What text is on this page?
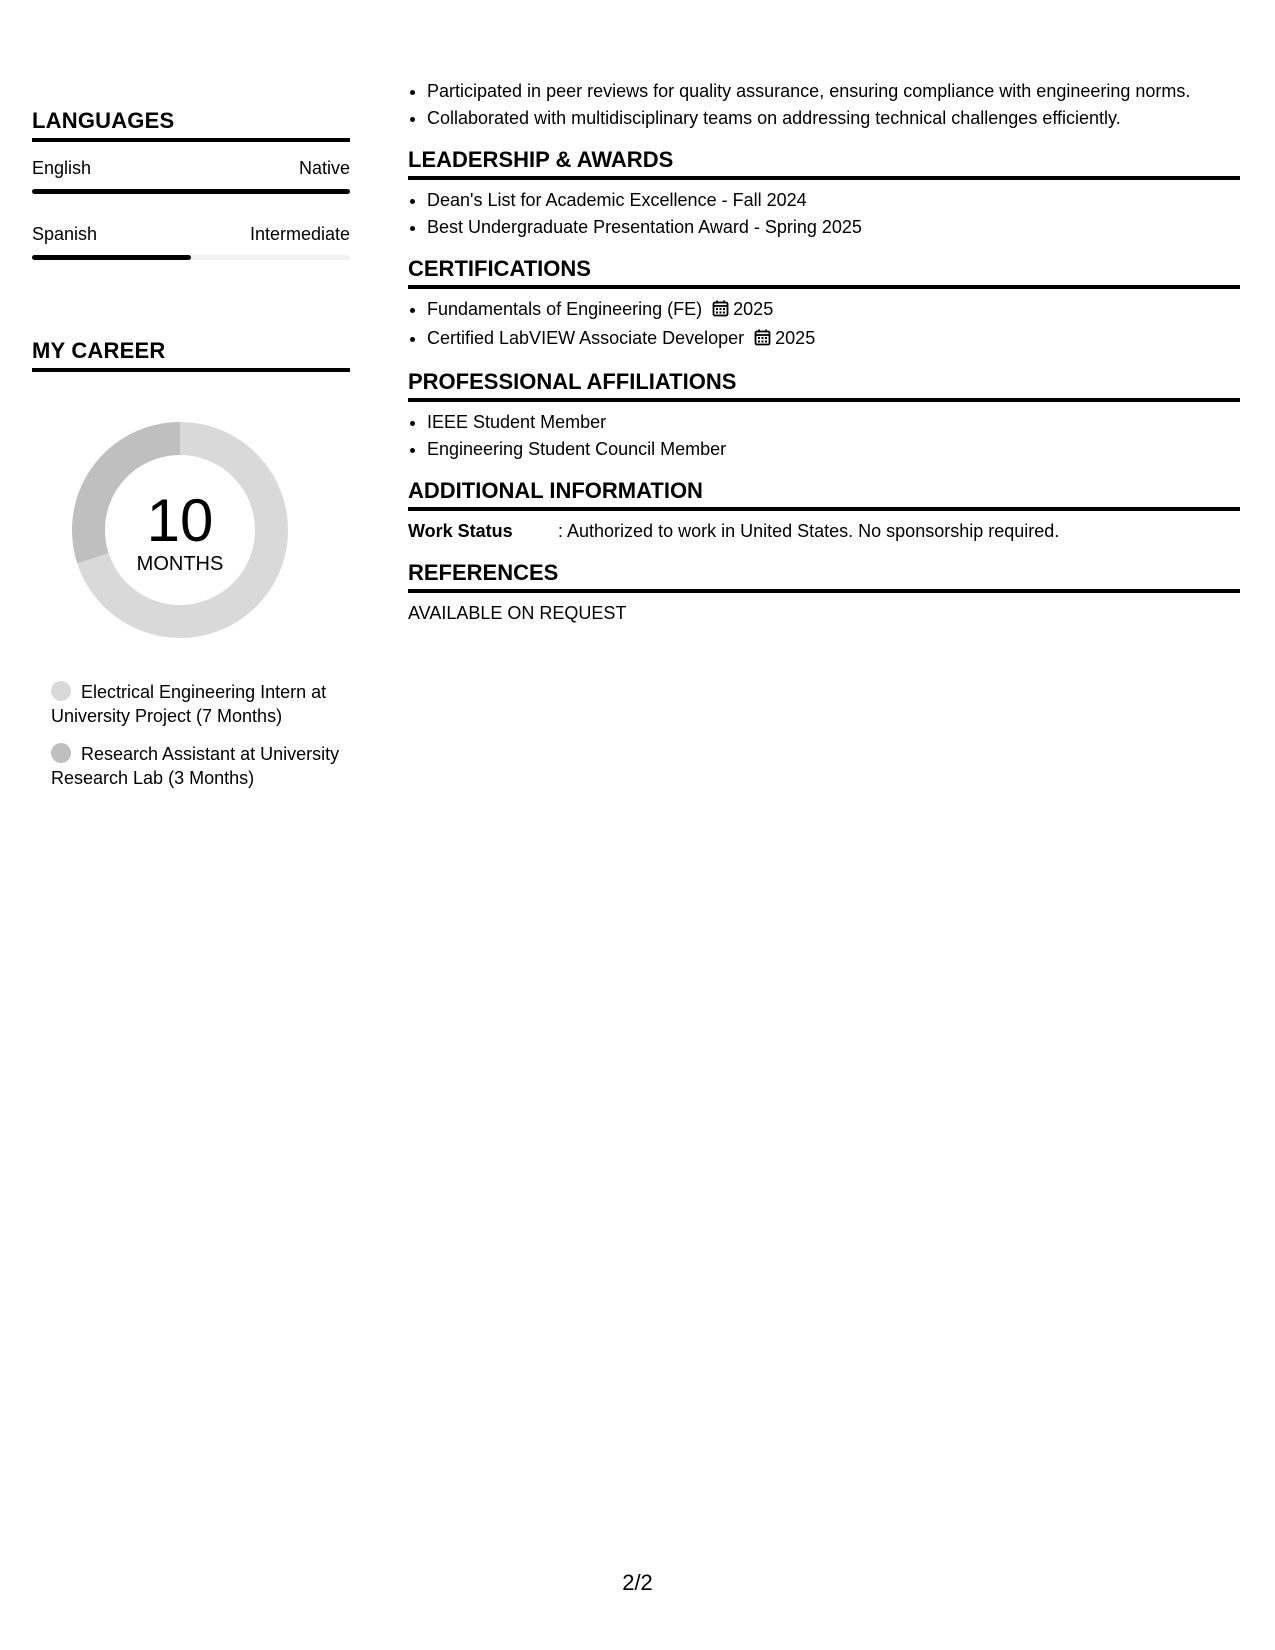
LANGUAGES
English	Native
Spanish	Intermediate
MY CAREER
10
MONTHS
Electrical Engineering Intern at University Project (7 Months)
Research Assistant at University Research Lab (3 Months)
• Participated in peer reviews for quality assurance, ensuring compliance with engineering norms.
• Collaborated with multidisciplinary teams on addressing technical challenges efficiently.
LEADERSHIP & AWARDS
• Dean's List for Academic Excellence - Fall 2024
• Best Undergraduate Presentation Award - Spring 2025
CERTIFICATIONS
• Fundamentals of Engineering (FE) 2025
• Certified LabVIEW Associate Developer 2025
PROFESSIONAL AFFILIATIONS
• IEEE Student Member
• Engineering Student Council Member
ADDITIONAL INFORMATION
Work Status	: Authorized to work in United States. No sponsorship required.
REFERENCES
AVAILABLE ON REQUEST
2/2
